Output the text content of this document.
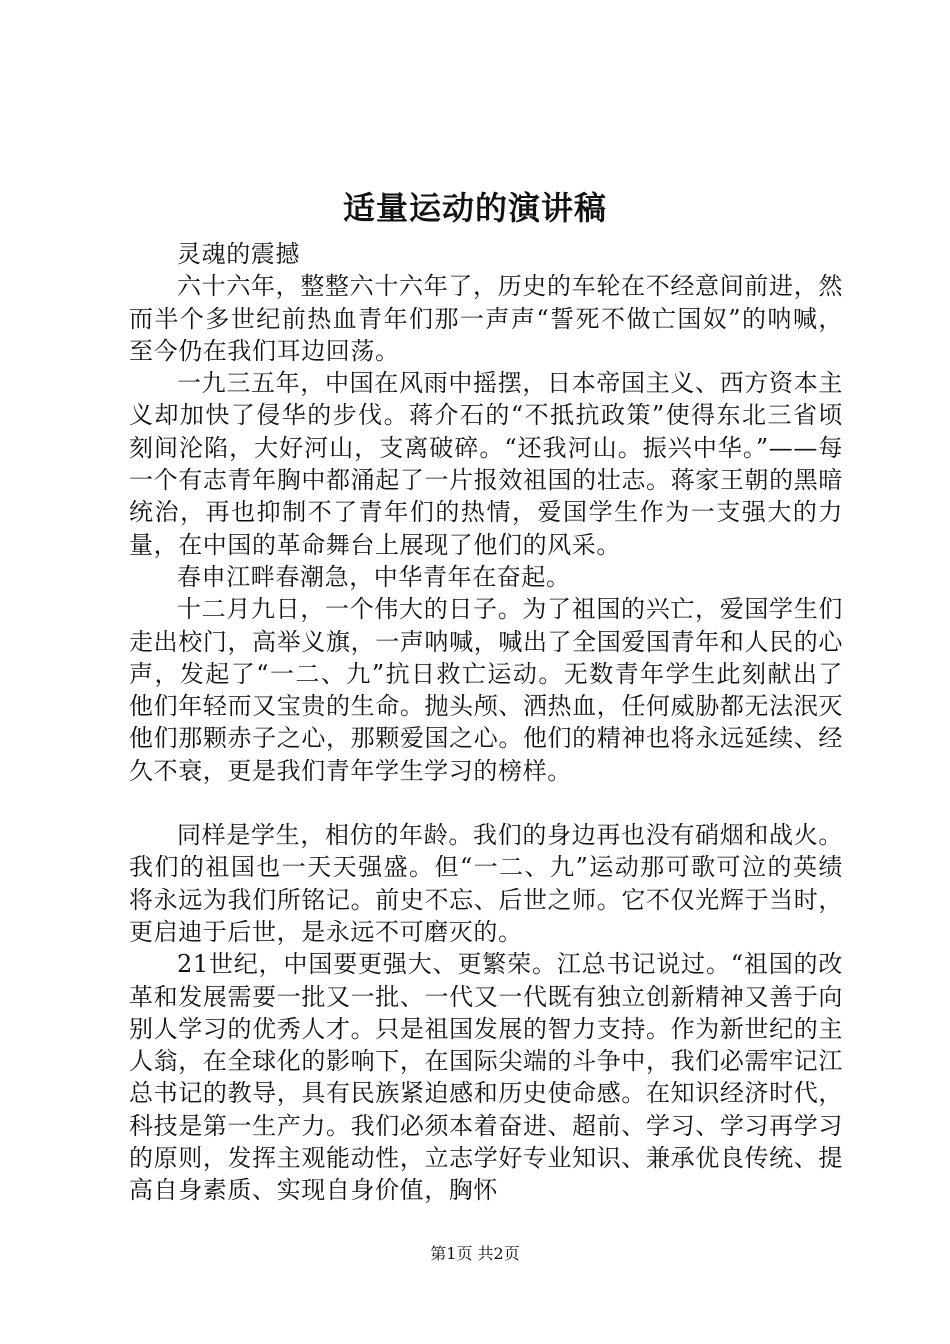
适量运动的演讲稿

灵魂的震撼

六十六年，整整六十六年了，历史的车轮在不经意间前进，然而半个多世纪前热血青年们那一声声“誓死不做亡国奴”的呐喊，至今仍在我们耳边回荡。

一九三五年，中国在风雨中摇摆，日本帝国主义、西方资本主义却加快了侵华的步伐。蒋介石的“不抵抗政策”使得东北三省顷刻间沦陷，大好河山，支离破碎。“还我河山。振兴中华。”——每一个有志青年胸中都涌起了一片报效祖国的壮志。蒋家王朝的黑暗统治，再也抑制不了青年们的热情，爱国学生作为一支强大的力量，在中国的革命舞台上展现了他们的风采。

春申江畔春潮急，中华青年在奋起。

十二月九日，一个伟大的日子。为了祖国的兴亡，爱国学生们走出校门，高举义旗，一声呐喊，喊出了全国爱国青年和人民的心声，发起了“一二、九”抗日救亡运动。无数青年学生此刻献出了他们年轻而又宝贵的生命。抛头颅、洒热血，任何威胁都无法泯灭他们那颗赤子之心，那颗爱国之心。他们的精神也将永远延续、经久不衰，更是我们青年学生学习的榜样。

同样是学生，相仿的年龄。我们的身边再也没有硝烟和战火。我们的祖国也一天天强盛。但“一二、九”运动那可歌可泣的英绩将永远为我们所铭记。前史不忘、后世之师。它不仅光辉于当时，更启迪于后世，是永远不可磨灭的。

21世纪，中国要更强大、更繁荣。江总书记说过。“祖国的改革和发展需要一批又一批、一代又一代既有独立创新精神又善于向别人学习的优秀人才。只是祖国发展的智力支持。作为新世纪的主人翁，在全球化的影响下，在国际尖端的斗争中，我们必需牢记江总书记的教导，具有民族紧迫感和历史使命感。在知识经济时代，科技是第一生产力。我们必须本着奋进、超前、学习、学习再学习的原则，发挥主观能动性，立志学好专业知识、兼承优良传统、提高自身素质、实现自身价值，胸怀

第1页 共2页
